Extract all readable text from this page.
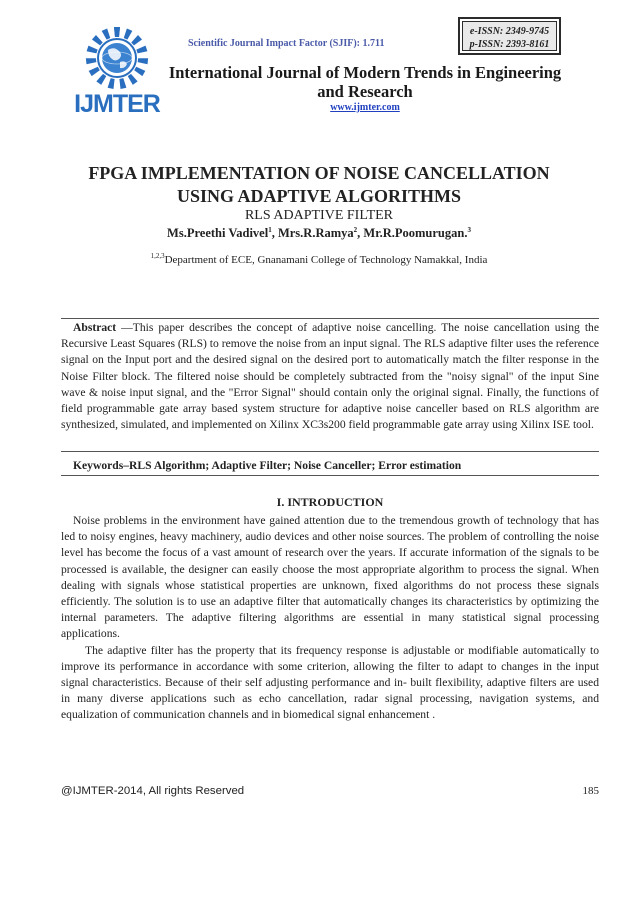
IJMTER
Scientific Journal Impact Factor (SJIF): 1.711
e-ISSN: 2349-9745
p-ISSN: 2393-8161
International Journal of Modern Trends in Engineering
and Research
www.ijmter.com
FPGA IMPLEMENTATION OF NOISE CANCELLATION
USING ADAPTIVE ALGORITHMS
RLS ADAPTIVE FILTER
Ms.Preethi Vadivel$^1$, Mrs.R.Ramya$^2$, Mr.R.Poomurugan.$^3$
$^{1,2,3}$Department of ECE, Gnanamani College of Technology Namakkal, India
Abstract —This paper describes the concept of adaptive noise cancelling. The noise cancellation using the Recursive Least Squares (RLS) to remove the noise from an input signal. The RLS adaptive filter uses the reference signal on the Input port and the desired signal on the desired port to automatically match the filter response in the Noise Filter block. The filtered noise should be completely subtracted from the "noisy signal" of the input Sine wave & noise input signal, and the "Error Signal" should contain only the original signal. Finally, the functions of field programmable gate array based system structure for adaptive noise canceller based on RLS algorithm are synthesized, simulated, and implemented on Xilinx XC3s200 field programmable gate array using Xilinx ISE tool.
Keywords–RLS Algorithm; Adaptive Filter; Noise Canceller; Error estimation
I. INTRODUCTION

Noise problems in the environment have gained attention due to the tremendous growth of technology that has led to noisy engines, heavy machinery, audio devices and other noise sources. The problem of controlling the noise level has become the focus of a vast amount of research over the years. If accurate information of the signals to be processed is available, the designer can easily choose the most appropriate algorithm to process the signal. When dealing with signals whose statistical properties are unknown, fixed algorithms do not process these signals efficiently. The solution is to use an adaptive filter that automatically changes its characteristics by optimizing the internal parameters. The adaptive filtering algorithms are essential in many statistical signal processing applications.

The adaptive filter has the property that its frequency response is adjustable or modifiable automatically to improve its performance in accordance with some criterion, allowing the filter to adapt to changes in the input signal characteristics. Because of their self adjusting performance and in- built flexibility, adaptive filters are used in many diverse applications such as echo cancellation, radar signal processing, navigation systems, and equalization of communication channels and in biomedical signal enhancement .

@IJMTER-2014, All rights Reserved	185
